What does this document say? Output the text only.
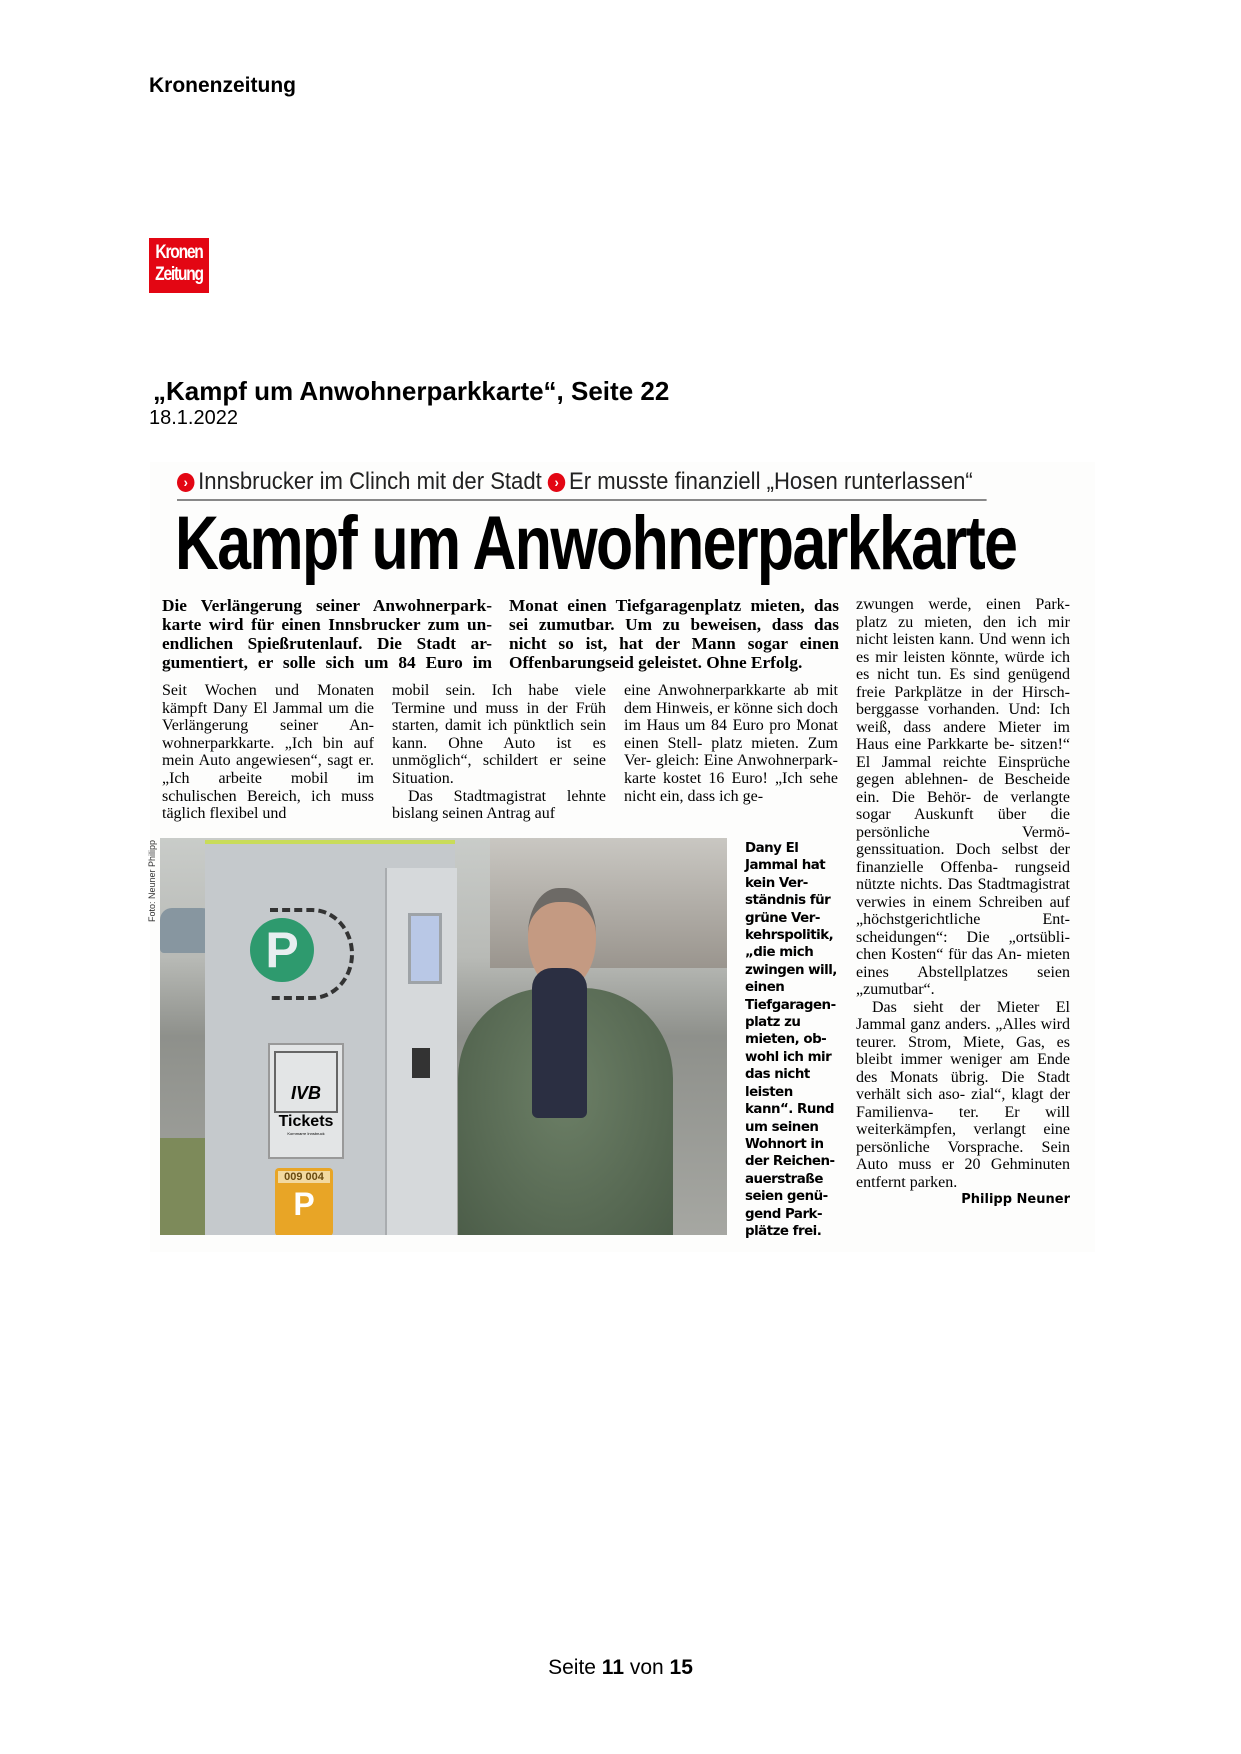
Kronenzeitung
Kronen
Zeitung
„Kampf um Anwohnerparkkarte“, Seite 22
18.1.2022
› Innsbrucker im Clinch mit der Stadt › Er musste finanziell „Hosen runterlassen“
Kampf um Anwohnerparkkarte
Die Verlängerung seiner Anwohnerpark- karte wird für einen Innsbrucker zum un- endlichen Spießrutenlauf. Die Stadt ar- gumentiert, er solle sich um 84 Euro im
Monat einen Tiefgaragenplatz mieten, das sei zumutbar. Um zu beweisen, dass das nicht so ist, hat der Mann sogar einen Offenbarungseid geleistet. Ohne Erfolg.

Seit Wochen und Monaten kämpft Dany El Jammal um die Verlängerung seiner An- wohnerparkkarte. „Ich bin auf mein Auto angewiesen“, sagt er. „Ich arbeite mobil im schulischen Bereich, ich muss täglich flexibel und

mobil sein. Ich habe viele Termine und muss in der Früh starten, damit ich pünktlich sein kann. Ohne Auto ist es unmöglich“, schildert er seine Situation.

Das Stadtmagistrat lehnte bislang seinen Antrag auf

eine Anwohnerparkkarte ab mit dem Hinweis, er könne sich doch im Haus um 84 Euro pro Monat einen Stell- platz mieten. Zum Ver- gleich: Eine Anwohnerpark- karte kostet 16 Euro! „Ich sehe nicht ein, dass ich ge-

zwungen werde, einen Park- platz zu mieten, den ich mir nicht leisten kann. Und wenn ich es mir leisten könnte, würde ich es nicht tun. Es sind genügend freie Parkplätze in der Hirsch- berggasse vorhanden. Und: Ich weiß, dass andere Mieter im Haus eine Parkkarte be- sitzen!“ El Jammal reichte Einsprüche gegen ablehnen- de Bescheide ein. Die Behör- de verlangte sogar Auskunft über die persönliche Vermö- genssituation. Doch selbst der finanzielle Offenba- rungseid nützte nichts. Das Stadtmagistrat verwies in einem Schreiben auf „höchstgerichtliche Ent- scheidungen“: Die „ortsübli- chen Kosten“ für das An- mieten eines Abstellplatzes seien „zumutbar“.

Das sieht der Mieter El Jammal ganz anders. „Alles wird teurer. Strom, Miete, Gas, es bleibt immer weniger am Ende des Monats übrig. Die Stadt verhält sich aso- zial“, klagt der Familienva- ter. Er will weiterkämpfen, verlangt eine persönliche Vorsprache. Sein Auto muss er 20 Gehminuten entfernt parken.
Philipp Neuner

Foto: Neuner Philipp
P
IVB
Tickets
Kornmarre Innsbruck
009 004
P
Dany El Jammal hat kein Ver- ständnis für grüne Ver- kehrspolitik, „die mich zwingen will, einen Tiefgaragen- platz zu mieten, ob- wohl ich mir das nicht leisten kann“. Rund um seinen Wohnort in der Reichen- auerstraße seien genü- gend Park- plätze frei.
Seite 11 von 15
